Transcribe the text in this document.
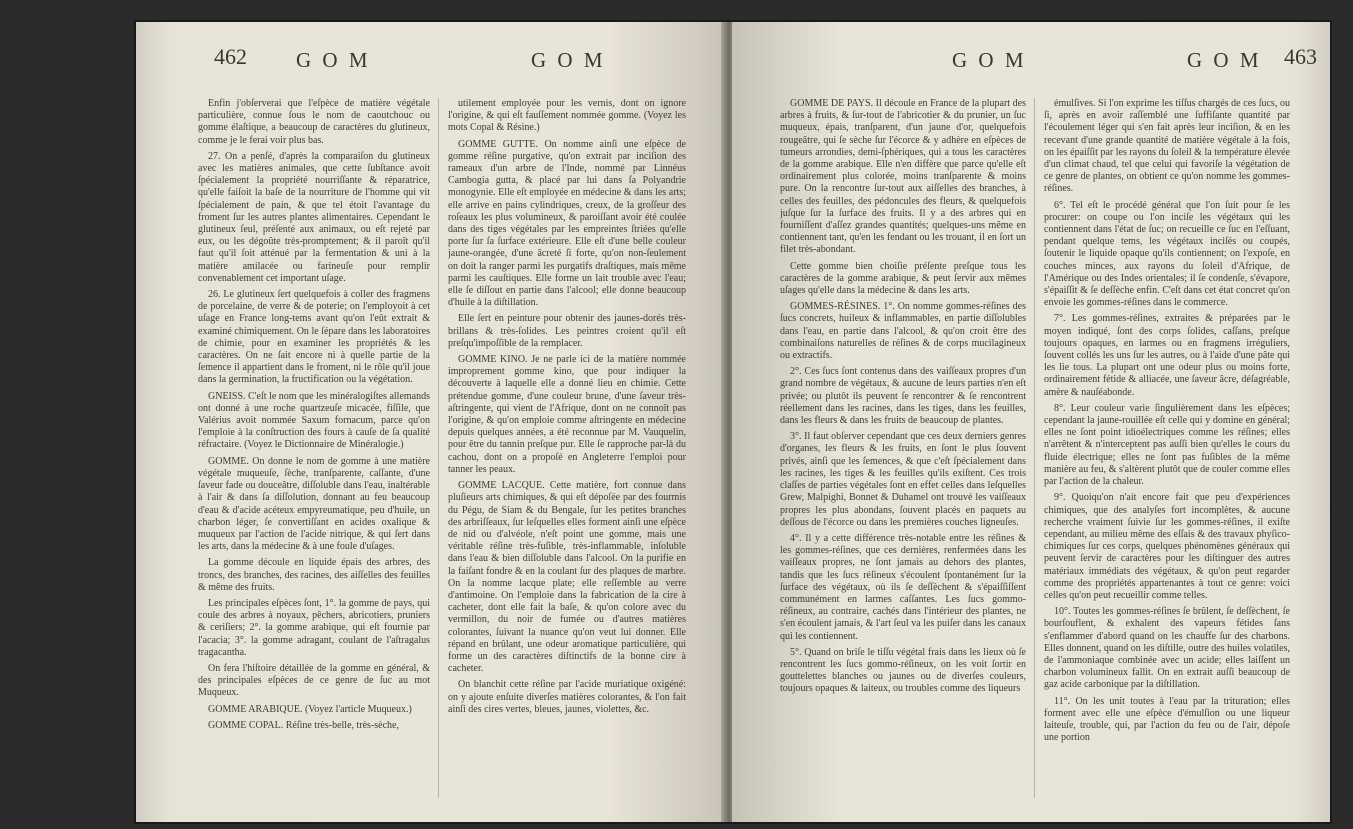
462 G O M	G O M

Enfin j'obſerverai que l'eſpèce de matière végétale particulière, connue ſous le nom de caoutchouc ou gomme élaſtique, a beaucoup de caractères du glutineux, comme je le ferai voir plus bas.

27. On a penſé, d'après la comparaiſon du glutineux avec les matières animales, que cette ſubſtance avoit ſpécialement la propriété nourriſſante & réparatrice, qu'elle faiſoit la baſe de la nourriture de l'homme qui vit ſpécialement de pain, & que tel étoit l'avantage du froment ſur les autres plantes alimentaires. Cependant le glutineux ſeul, préſenté aux animaux, ou eſt rejeté par eux, ou les dégoûte très-promptement; & il paroît qu'il faut qu'il ſoit atténué par la fermentation & uni à la matière amilacée ou farineuſe pour remplir convenablement cet important uſage.

26. Le glutineux ſert quelquefois à coller des fragmens de porcelaine, de verre & de poterie; on l'employoit à cet uſage en France long-tems avant qu'on l'eût extrait & examiné chimiquement. On le ſépare dans les laboratoires de chimie, pour en examiner les propriétés & les caractères. On ne ſait encore ni à quelle partie de la ſemence il appartient dans le froment, ni le rôle qu'il joue dans la germination, la fructification ou la végétation.

GNEISS. C'eſt le nom que les minéralogiſtes allemands ont donné à une roche quartzeuſe micacée, fiſſile, que Valérius avoit nommée Saxum fornacum, parce qu'on l'emploie à la conſtruction des fours à cauſe de ſa qualité réfractaire. (Voyez le Dictionnaire de Minéralogie.)

GOMME. On donne le nom de gomme à une matière végétale muqueuſe, ſèche, tranſparente, caſſante, d'une ſaveur fade ou douceâtre, diſſoluble dans l'eau, inaltérable à l'air & dans ſa diſſolution, donnant au feu beaucoup d'eau & d'acide acéteux empyreumatique, peu d'huile, un charbon léger, ſe convertiſſant en acides oxalique & muqueux par l'action de l'acide nitrique, & qui ſert dans les arts, dans la médecine & à une foule d'uſages.

La gomme découle en liquide épais des arbres, des troncs, des branches, des racines, des aiſſelles des feuilles & même des fruits.

Les principales eſpèces ſont, 1°. la gomme de pays, qui coule des arbres à noyaux, pêchers, abricotiers, pruniers & ceriſiers; 2°. la gomme arabique, qui eſt fournie par l'acacia; 3°. la gomme adragant, coulant de l'aſtragalus tragacantha.

On fera l'hiſtoire détaillée de la gomme en général, & des principales eſpèces de ce genre de ſuc au mot Muqueux.

GOMME ARABIQUE. (Voyez l'article Muqueux.)

GOMME COPAL. Réſine très-belle, très-sèche,

utilement employée pour les vernis, dont on ignore l'origine, & qui eſt fauſſement nommée gomme. (Voyez les mots Copal & Résine.)

GOMME GUTTE. On nomme ainſi une eſpèce de gomme réſine purgative, qu'on extrait par inciſion des rameaux d'un arbre de l'Inde, nommé par Linnéus Cambogia gutta, & placé par lui dans ſa Polyandrie monogynie. Elle eſt employée en médecine & dans les arts; elle arrive en pains cylindriques, creux, de la groſſeur des roſeaux les plus volumineux, & paroiſſant avoir été coulée dans des tiges végétales par les empreintes ſtriées qu'elle porte ſur ſa ſurface extérieure. Elle eſt d'une belle couleur jaune-orangée, d'une âcreté ſi forte, qu'on non-ſeulement on doit la ranger parmi les purgatifs draſtiques, mais même parmi les cauſtiques. Elle forme un lait trouble avec l'eau; elle ſe diſſout en partie dans l'alcool; elle donne beaucoup d'huile à la diſtillation.

Elle ſert en peinture pour obtenir des jaunes-dorés très-brillans & très-ſolides. Les peintres croient qu'il eſt preſqu'impoſſible de la remplacer.

GOMME KINO. Je ne parle ici de la matière nommée improprement gomme kino, que pour indiquer la découverte à laquelle elle a donné lieu en chimie. Cette prétendue gomme, d'une couleur brune, d'une ſaveur très-aſtringente, qui vient de l'Afrique, dont on ne connoît pas l'origine, & qu'on emploie comme aſtringente en médecine depuis quelques années, a été reconnue par M. Vauquelin, pour être du tannin preſque pur. Elle ſe rapproche par-là du cachou, dont on a propoſé en Angleterre l'emploi pour tanner les peaux.

GOMME LACQUE. Cette matière, fort connue dans pluſieurs arts chimiques, & qui eſt dépoſée par des fourmis du Pégu, de Siam & du Bengale, ſur les petites branches des arbriſſeaux, ſur leſquelles elles forment ainſi une eſpèce de nid ou d'alvéole, n'eſt point une gomme, mais une véritable réſine très-fuſible, très-inflammable, inſoluble dans l'eau & bien diſſoluble dans l'alcool. On la purifie en la faiſant fondre & en la coulant ſur des plaques de marbre. On la nomme lacque plate; elle reſſemble au verre d'antimoine. On l'emploie dans la fabrication de la cire à cacheter, dont elle fait la baſe, & qu'on colore avec du vermillon, du noir de fumée ou d'autres matières colorantes, ſuivant la nuance qu'on veut lui donner. Elle répand en brûlant, une odeur aromatique particulière, qui forme un des caractères diſtinctifs de la bonne cire à cacheter.

On blanchit cette réſine par l'acide muriatique oxigéné: on y ajoute enſuite diverſes matières colorantes, & l'on fait ainſi des cires vertes, bleues, jaunes, violettes, &c.

G O M	G O M 463

GOMME DE PAYS. Il découle en France de la plupart des arbres à fruits, & ſur-tout de l'abricotier & du prunier, un ſuc muqueux, épais, tranſparent, d'un jaune d'or, quelquefois rougeâtre, qui ſe sèche ſur l'écorce & y adhère en eſpèces de tumeurs arrondies, demi-ſphériques, qui a tous les caractères de la gomme arabique. Elle n'en diffère que parce qu'elle eſt ordinairement plus colorée, moins tranſparente & moins pure. On la rencontre ſur-tout aux aiſſelles des branches, à celles des feuilles, des pédoncules des fleurs, & quelquefois juſque ſur la ſurface des fruits. Il y a des arbres qui en fourniſſent d'aſſez grandes quantités; quelques-uns même en contiennent tant, qu'en les fendant ou les trouant, il en ſort un filet très-abondant.

Cette gomme bien choiſie préſente preſque tous les caractères de la gomme arabique, & peut ſervir aux mêmes uſages qu'elle dans la médecine & dans les arts.

GOMMES-RÉSINES. 1°. On nomme gommes-réſines des ſucs concrets, huileux & inflammables, en partie diſſolubles dans l'eau, en partie dans l'alcool, & qu'on croit être des combinaiſons naturelles de réſines & de corps mucilagineux ou extractifs.

2°. Ces ſucs ſont contenus dans des vaiſſeaux propres d'un grand nombre de végétaux, & aucune de leurs parties n'en eſt privée; ou plutôt ils peuvent ſe rencontrer & ſe rencontrent réellement dans les racines, dans les tiges, dans les feuilles, dans les fleurs & dans les fruits de beaucoup de plantes.

3°. Il faut obſerver cependant que ces deux derniers genres d'organes, les fleurs & les fruits, en ſont le plus ſouvent privés, ainſi que les ſemences, & que c'eſt ſpécialement dans les racines, les tiges & les feuilles qu'ils exiſtent. Ces trois claſſes de parties végétales ſont en effet celles dans leſquelles Grew, Malpighi, Bonnet & Duhamel ont trouvé les vaiſſeaux propres les plus abondans, ſouvent placés en paquets au deſſous de l'écorce ou dans les premières couches ligneuſes.

4°. Il y a cette différence très-notable entre les réſines & les gommes-réſines, que ces dernières, renfermées dans les vaiſſeaux propres, ne ſont jamais au dehors des plantes, tandis que les ſucs réſineux s'écoulent ſpontanément ſur la ſurface des végétaux, où ils ſe deſſèchent & s'épaiſſiſſent communément en larmes caſſantes. Les ſucs gommo-réſineux, au contraire, cachés dans l'intérieur des plantes, ne s'en écoulent jamais, & l'art ſeul va les puiſer dans les canaux qui les contiennent.

5°. Quand on briſe le tiſſu végétal frais dans les lieux où ſe rencontrent les ſucs gommo-réſineux, on les voit ſortir en gouttelettes blanches ou jaunes ou de diverſes couleurs, toujours opaques & laiteux, ou troubles comme des liqueurs

émulſives. Si l'on exprime les tiſſus chargés de ces ſucs, ou ſi, après en avoir raſſemblé une ſuffiſante quantité par l'écoulement léger qui s'en fait après leur inciſion, & en les recevant d'une grande quantité de matière végétale à la fois, on les épaiſſit par les rayons du ſoleil & la température élevée d'un climat chaud, tel que celui qui favoriſe la végétation de ce genre de plantes, on obtient ce qu'on nomme les gommes-réſines.

6°. Tel eſt le procédé général que l'on ſuit pour ſe les procurer: on coupe ou l'on inciſe les végétaux qui les contiennent dans l'état de ſuc; on recueille ce ſuc en l'eſſuant, pendant quelque tems, les végétaux inciſés ou coupés, ſoutenir le liquide opaque qu'ils contiennent; on l'expoſe, en couches minces, aux rayons du ſoleil d'Afrique, de l'Amérique ou des Indes orientales; il ſe condenſe, s'évapore, s'épaiſſit & ſe deſſèche enfin. C'eſt dans cet état concret qu'on envoie les gommes-réſines dans le commerce.

7°. Les gommes-réſines, extraites & préparées par le moyen indiqué, ſont des corps ſolides, caſſans, preſque toujours opaques, en larmes ou en fragmens irréguliers, ſouvent collés les uns ſur les autres, ou à l'aide d'une pâte qui les lie tous. La plupart ont une odeur plus ou moins forte, ordinairement fétide & alliacée, une ſaveur âcre, déſagréable, amère & nauſéabonde.

8°. Leur couleur varie ſingulièrement dans les eſpèces; cependant la jaune-rouillée eſt celle qui y domine en général; elles ne ſont point idioélectriques comme les réſines; elles n'arrêtent & n'interceptent pas auſſi bien qu'elles le cours du fluide électrique; elles ne ſont pas fuſibles de la même manière au feu, & s'altèrent plutôt que de couler comme elles par l'action de la chaleur.

9°. Quoiqu'on n'ait encore fait que peu d'expériences chimiques, que des analyſes fort incomplètes, & aucune recherche vraiment ſuivie ſur les gommes-réſines, il exiſte cependant, au milieu même des eſſais & des travaux phyſico-chimiques ſur ces corps, quelques phénomènes généraux qui peuvent ſervir de caractères pour les diſtinguer des autres matériaux immédiats des végétaux, & qu'on peut regarder comme des propriétés appartenantes à tout ce genre: voici celles qu'on peut recueillir comme telles.

10°. Toutes les gommes-réſines ſe brûlent, ſe deſſèchent, ſe bourſouflent, & exhalent des vapeurs fétides ſans s'enflammer d'abord quand on les chauffe ſur des charbons. Elles donnent, quand on les diſtille, outre des huiles volatiles, de l'ammoniaque combinée avec un acide; elles laiſſent un charbon volumineux fallit. On en extrait auſſi beaucoup de gaz acide carbonique par la diſtillation.

11°. On les unit toutes à l'eau par la trituration; elles forment avec elle une eſpèce d'émulſion ou une liqueur laiteuſe, trouble, qui, par l'action du feu ou de l'air, dépoſe une portion
